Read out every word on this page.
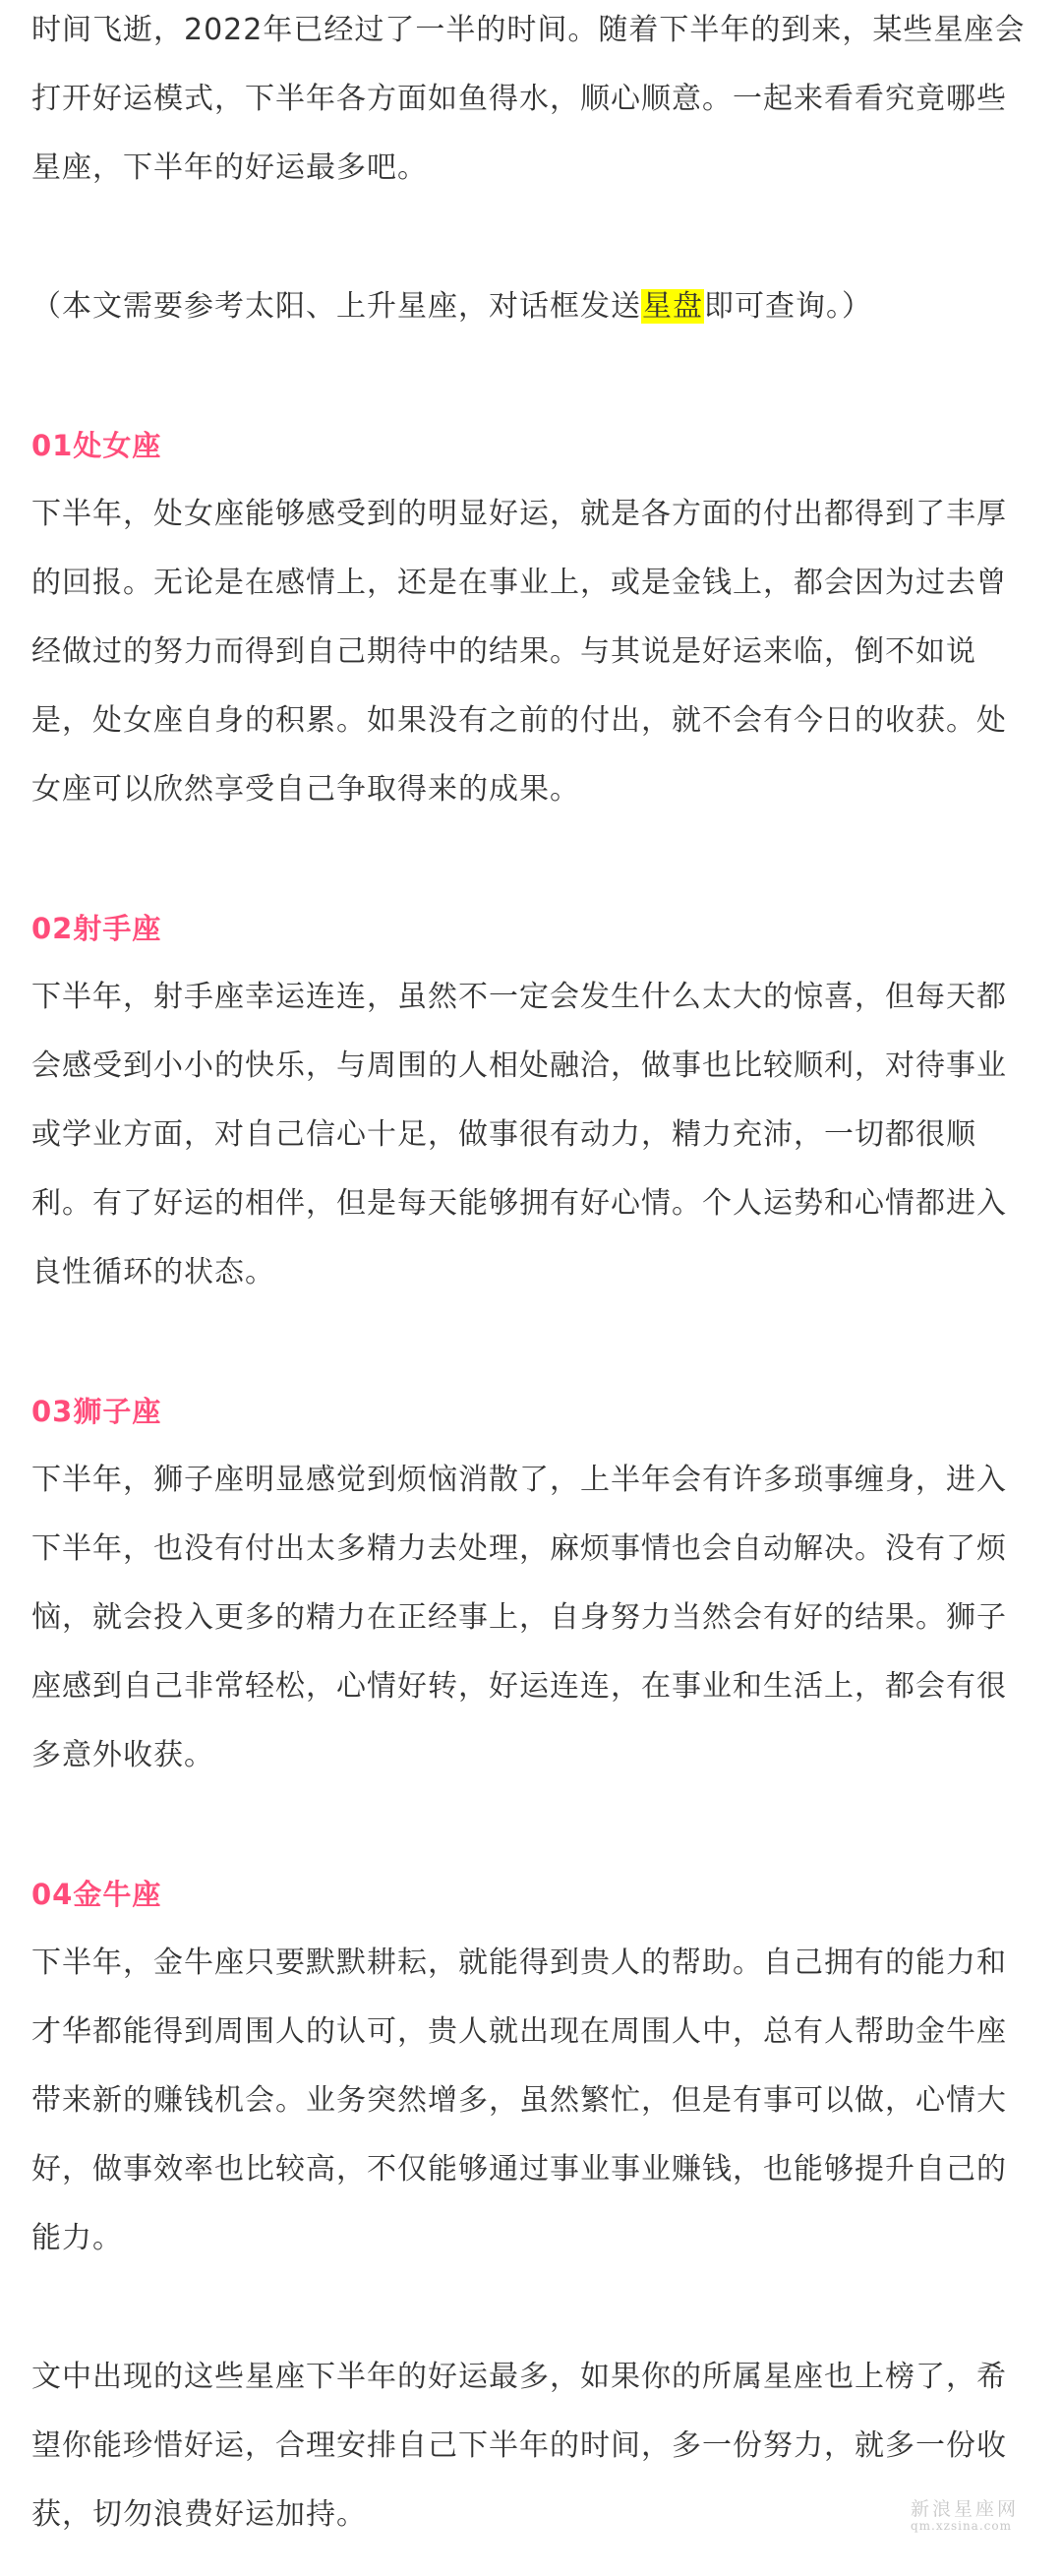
时间飞逝，2022年已经过了一半的时间。随着下半年的到来，某些星座会打开好运模式，下半年各方面如鱼得水，顺心顺意。一起来看看究竟哪些星座，下半年的好运最多吧。

（本文需要参考太阳、上升星座，对话框发送星盘即可查询。）

01处女座

下半年，处女座能够感受到的明显好运，就是各方面的付出都得到了丰厚的回报。无论是在感情上，还是在事业上，或是金钱上，都会因为过去曾经做过的努力而得到自己期待中的结果。与其说是好运来临，倒不如说是，处女座自身的积累。如果没有之前的付出，就不会有今日的收获。处女座可以欣然享受自己争取得来的成果。

02射手座

下半年，射手座幸运连连，虽然不一定会发生什么太大的惊喜，但每天都会感受到小小的快乐，与周围的人相处融洽，做事也比较顺利，对待事业或学业方面，对自己信心十足，做事很有动力，精力充沛，一切都很顺利。有了好运的相伴，但是每天能够拥有好心情。个人运势和心情都进入良性循环的状态。

03狮子座

下半年，狮子座明显感觉到烦恼消散了，上半年会有许多琐事缠身，进入下半年，也没有付出太多精力去处理，麻烦事情也会自动解决。没有了烦恼，就会投入更多的精力在正经事上，自身努力当然会有好的结果。狮子座感到自己非常轻松，心情好转，好运连连，在事业和生活上，都会有很多意外收获。

04金牛座

下半年，金牛座只要默默耕耘，就能得到贵人的帮助。自己拥有的能力和才华都能得到周围人的认可，贵人就出现在周围人中，总有人帮助金牛座带来新的赚钱机会。业务突然增多，虽然繁忙，但是有事可以做，心情大好，做事效率也比较高，不仅能够通过事业事业赚钱，也能够提升自己的能力。

文中出现的这些星座下半年的好运最多，如果你的所属星座也上榜了，希望你能珍惜好运，合理安排自己下半年的时间，多一份努力，就多一份收获，切勿浪费好运加持。	新浪星座网
qm.xzsina.com
